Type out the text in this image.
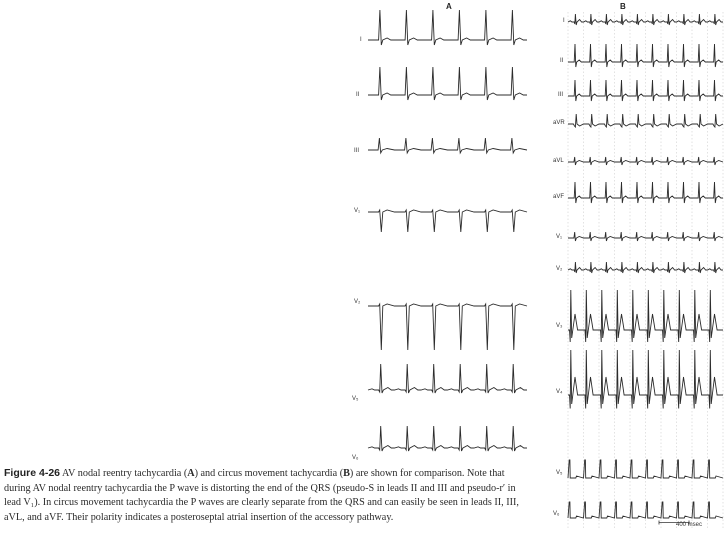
A	B
I
II
III
V₁
V₂
V₅
V₆
I
II
III
aVR
aVL
aVF
V₁
V₂
V₃
V₄
V₅
V₆
400 msec
Figure 4-26 AV nodal reentry tachycardia (A) and circus movement tachycardia (B) are shown for comparison. Note that during AV nodal reentry tachycardia the P wave is distorting the end of the QRS (pseudo-S in leads II and III and pseudo-r′ in lead V₁). In circus movement tachycardia the P waves are clearly separate from the QRS and can easily be seen in leads II, III, aVL, and aVF. Their polarity indicates a posteroseptal atrial insertion of the accessory pathway.
